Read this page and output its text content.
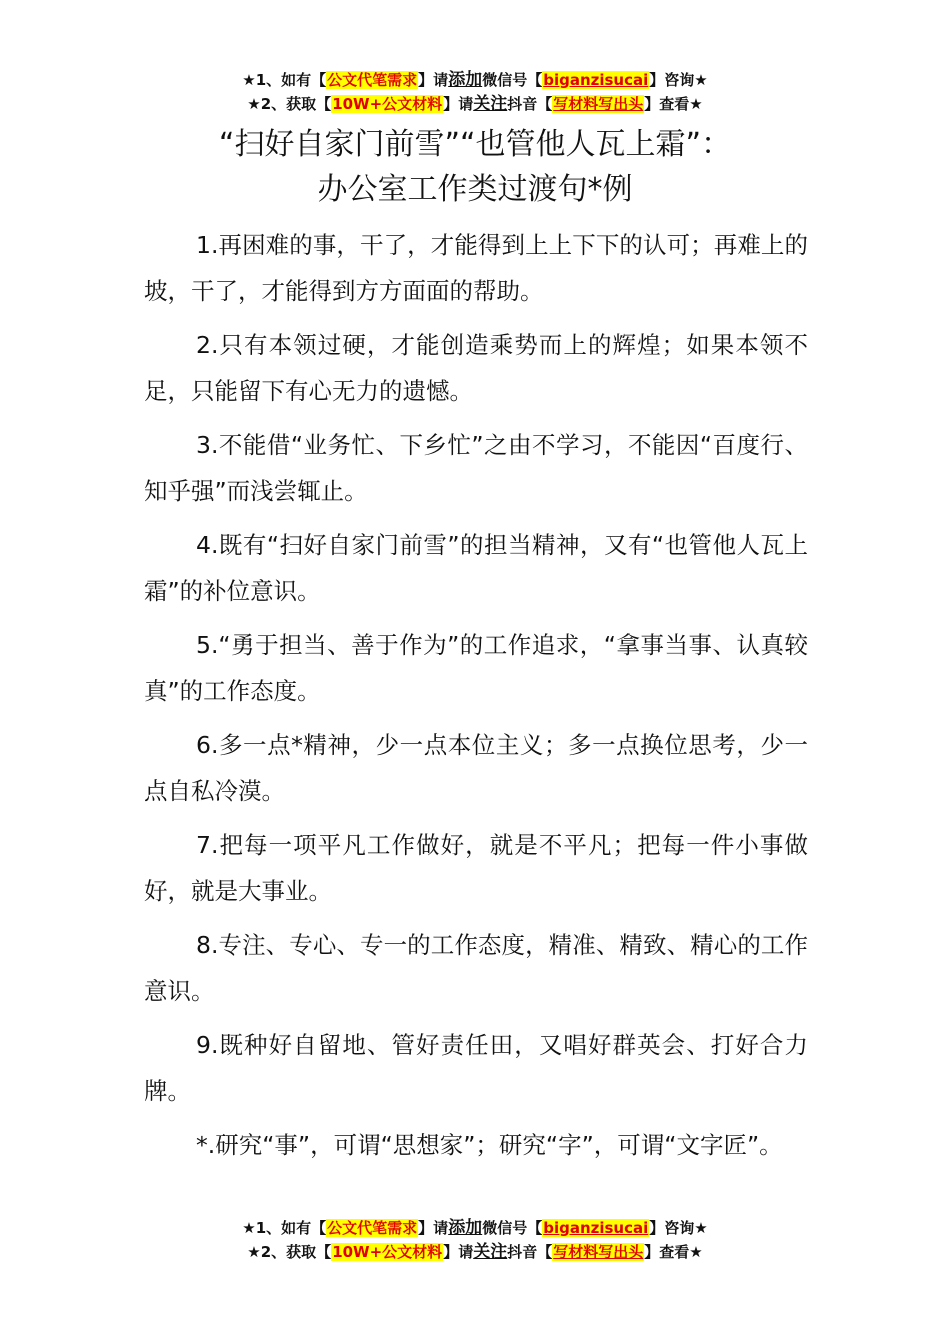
★1、如有【公文代笔需求】请添加微信号【biganzisucai】咨询★
★2、获取【10W+公文材料】请关注抖音【写材料写出头】查看★
“扫好自家门前雪”“也管他人瓦上霜”：
办公室工作类过渡句*例

1.再困难的事，干了，才能得到上上下下的认可；再难上的坡，干了，才能得到方方面面的帮助。

2.只有本领过硬，才能创造乘势而上的辉煌；如果本领不足，只能留下有心无力的遗憾。

3.不能借“业务忙、下乡忙”之由不学习，不能因“百度行、知乎强”而浅尝辄止。

4.既有“扫好自家门前雪”的担当精神，又有“也管他人瓦上霜”的补位意识。

5.“勇于担当、善于作为”的工作追求，“拿事当事、认真较真”的工作态度。

6.多一点*精神，少一点本位主义；多一点换位思考，少一点自私冷漠。

7.把每一项平凡工作做好，就是不平凡；把每一件小事做好，就是大事业。

8.专注、专心、专一的工作态度，精准、精致、精心的工作意识。

9.既种好自留地、管好责任田，又唱好群英会、打好合力牌。

*.研究“事”，可谓“思想家”；研究“字”，可谓“文字匠”。

★1、如有【公文代笔需求】请添加微信号【biganzisucai】咨询★
★2、获取【10W+公文材料】请关注抖音【写材料写出头】查看★
